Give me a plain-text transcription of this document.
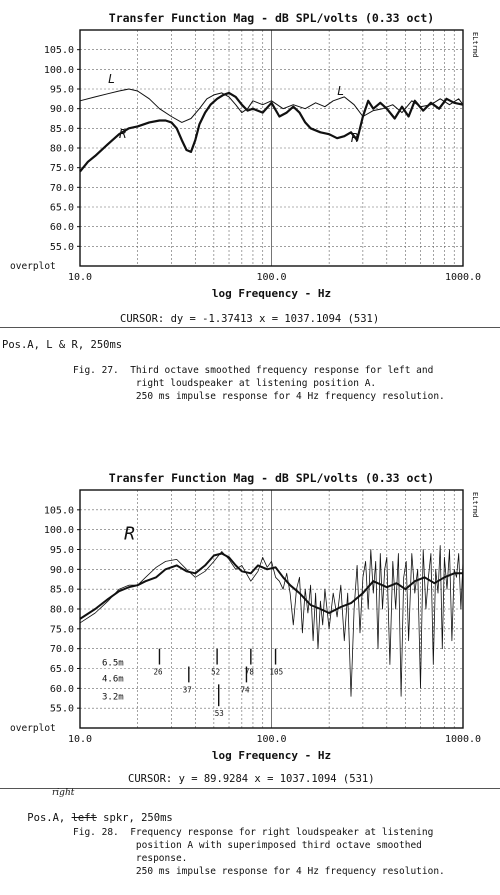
Transfer Function Mag - dB SPL/volts (0.33 oct)
105.0
100.0
95.0
90.0
85.0
80.0
75.0
70.0
65.0
60.0
55.0
overplot
10.0	100.0	1000.0
log Frequency - Hz
ELtrmd
L
R
L
R
CURSOR: dy = -1.37413 x = 1037.1094 (531)
Pos.A, L & R, 250ms
Fig. 27.  Third octave smoothed frequency response for left and
right loudspeaker at listening position A.
250 ms impulse response for 4 Hz frequency resolution.
Transfer Function Mag - dB SPL/volts (0.33 oct)
105.0
100.0
95.0
90.0
85.0
80.0
75.0
70.0
65.0
60.0
55.0
overplot
10.0	100.0	1000.0
log Frequency - Hz
ELtrmd
R
6.5m
4.6m
3.2m
26
37
52
53
74
78 105
CURSOR: y = 89.9284 x = 1037.1094 (531)

Pos.A, left spkr, 250ms

right
Fig. 28.  Frequency response for right loudspeaker at listening
position A with superimposed third octave smoothed
response.
250 ms impulse response for 4 Hz frequency resolution.
